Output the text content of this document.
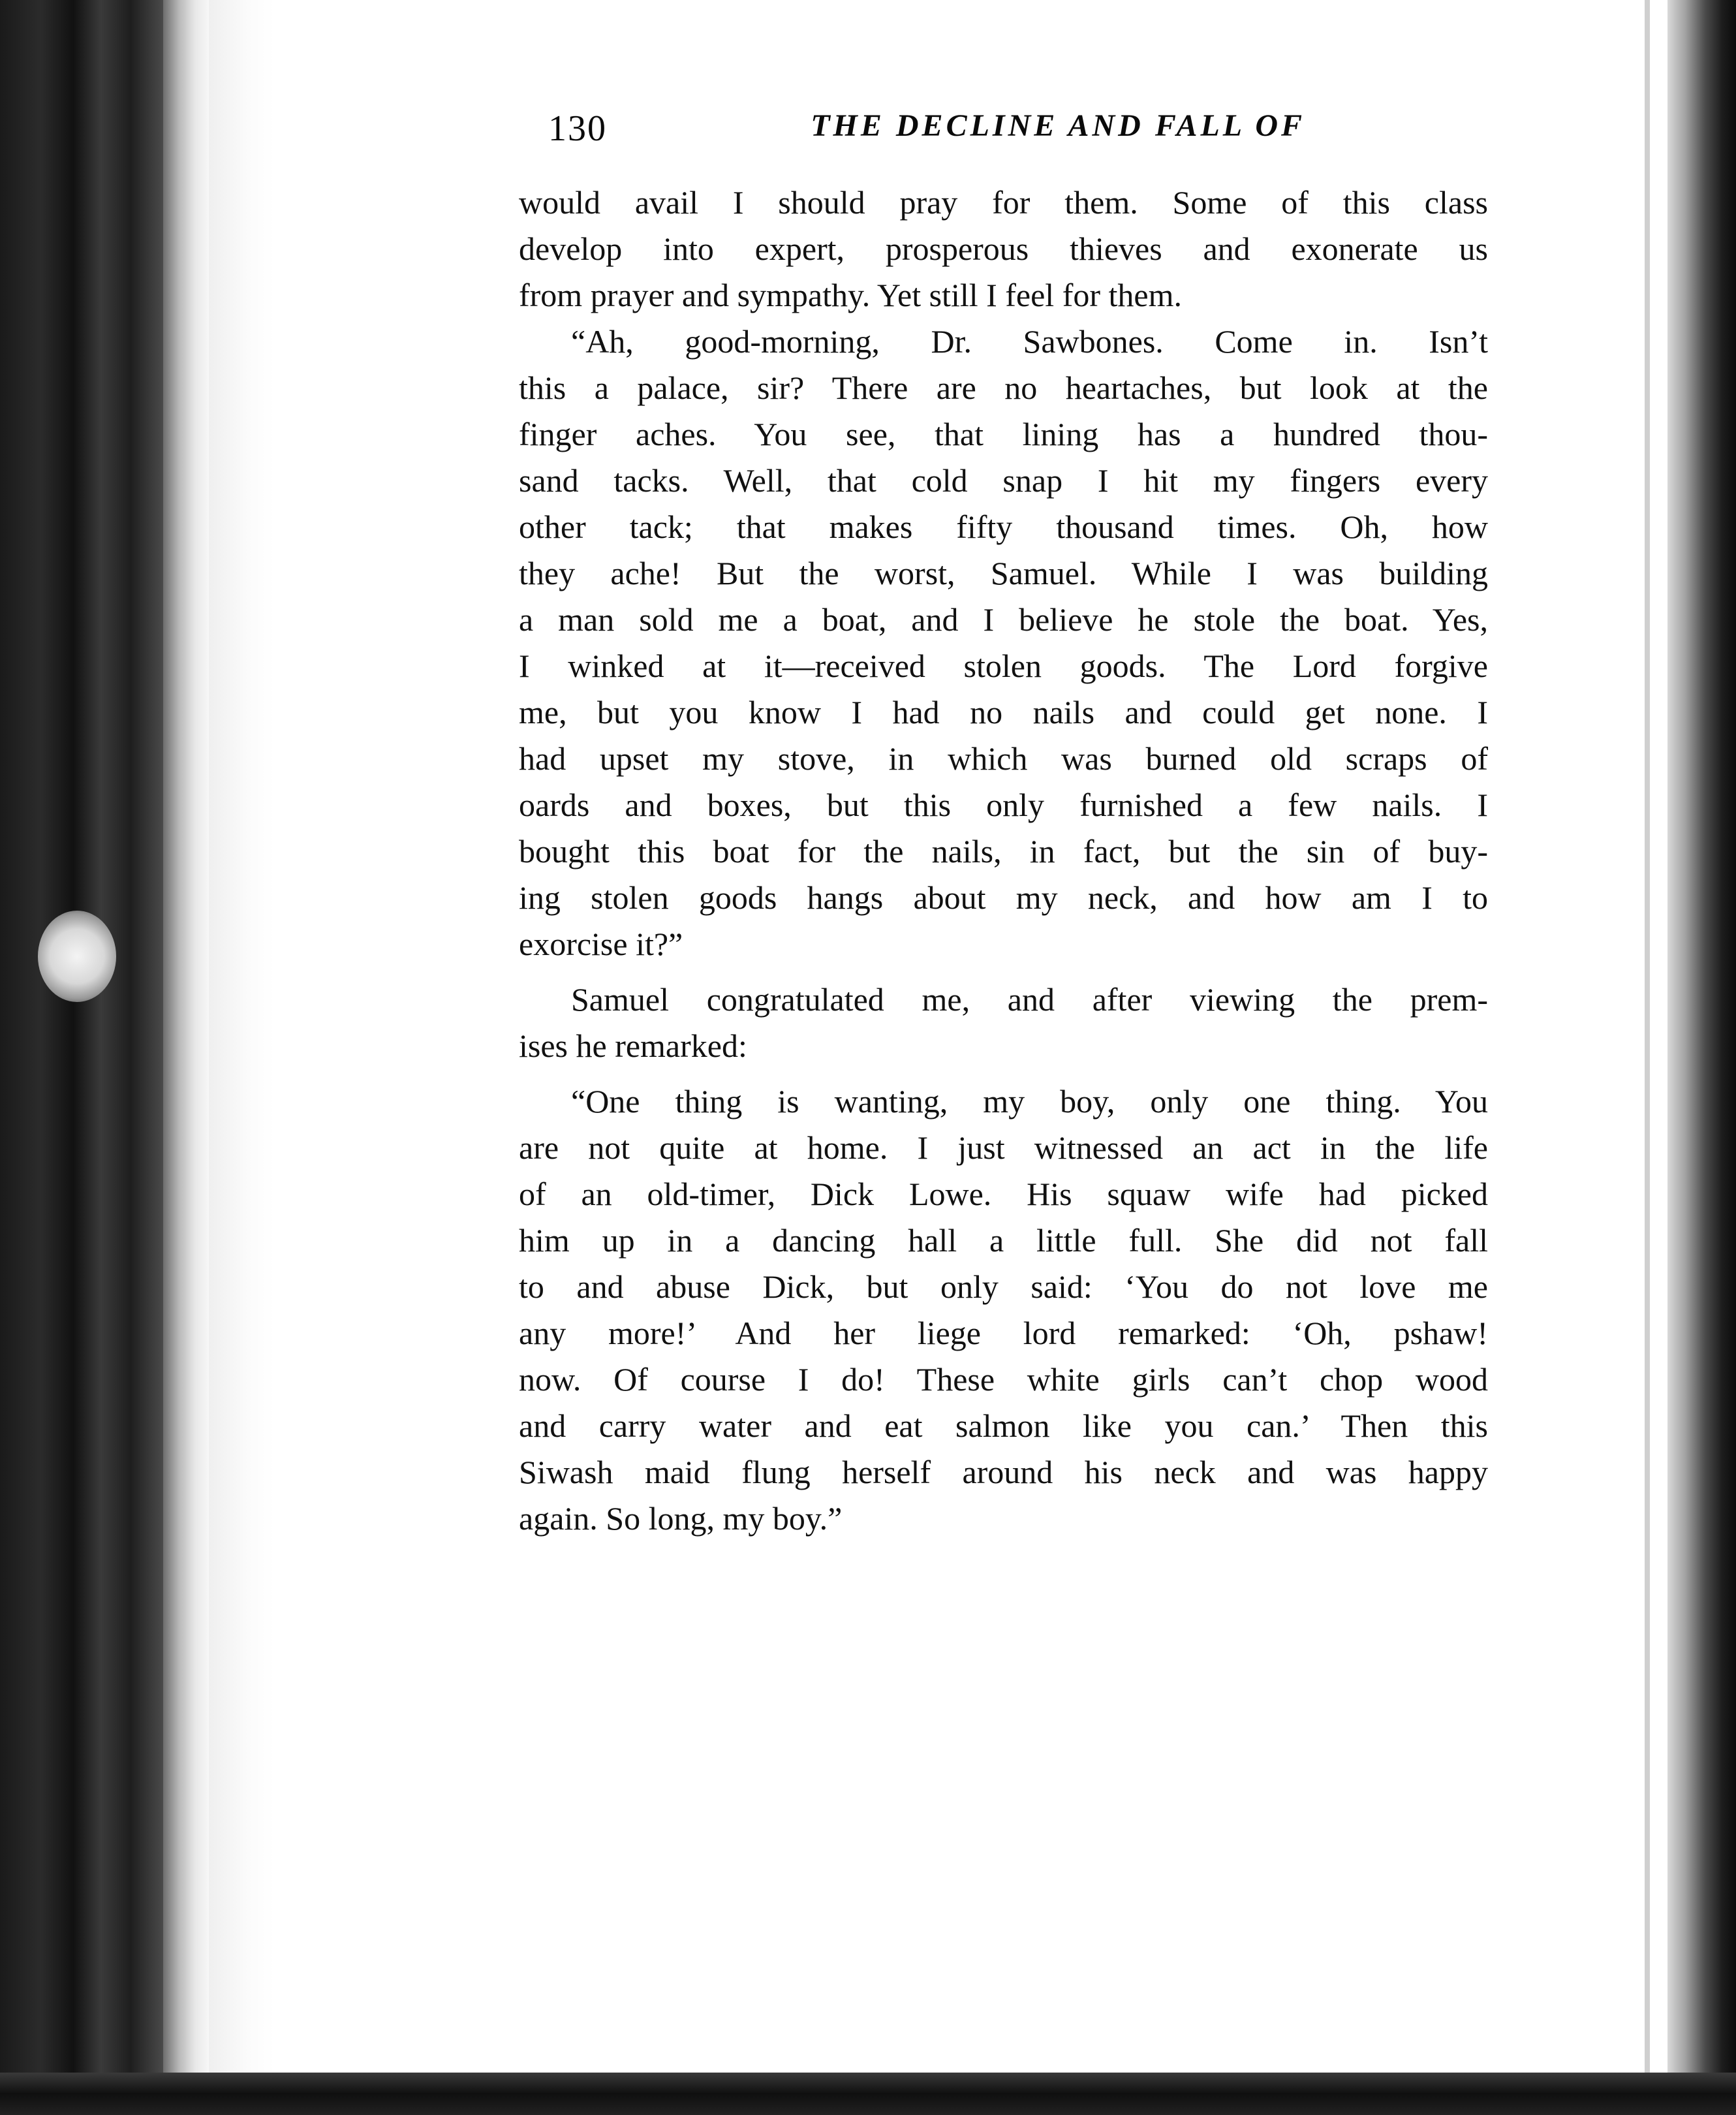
130	THE DECLINE AND FALL OF
would avail I should pray for them. Some of this class
develop into expert, prosperous thieves and exonerate us
from prayer and sympathy. Yet still I feel for them.
“Ah, good-morning, Dr. Sawbones. Come in. Isn’t
this a palace, sir? There are no heartaches, but look at the
finger aches. You see, that lining has a hundred thou-
sand tacks. Well, that cold snap I hit my fingers every
other tack; that makes fifty thousand times. Oh, how
they ache! But the worst, Samuel. While I was building
a man sold me a boat, and I believe he stole the boat. Yes,
I winked at it—received stolen goods. The Lord forgive
me, but you know I had no nails and could get none. I
had upset my stove, in which was burned old scraps of
oards and boxes, but this only furnished a few nails. I
bought this boat for the nails, in fact, but the sin of buy-
ing stolen goods hangs about my neck, and how am I to
exorcise it?”
Samuel congratulated me, and after viewing the prem-
ises he remarked:
“One thing is wanting, my boy, only one thing. You
are not quite at home. I just witnessed an act in the life
of an old-timer, Dick Lowe. His squaw wife had picked
him up in a dancing hall a little full. She did not fall
to and abuse Dick, but only said: ‘You do not love me
any more!’ And her liege lord remarked: ‘Oh, pshaw!
now. Of course I do! These white girls can’t chop wood
and carry water and eat salmon like you can.’ Then this
Siwash maid flung herself around his neck and was happy
again. So long, my boy.”
